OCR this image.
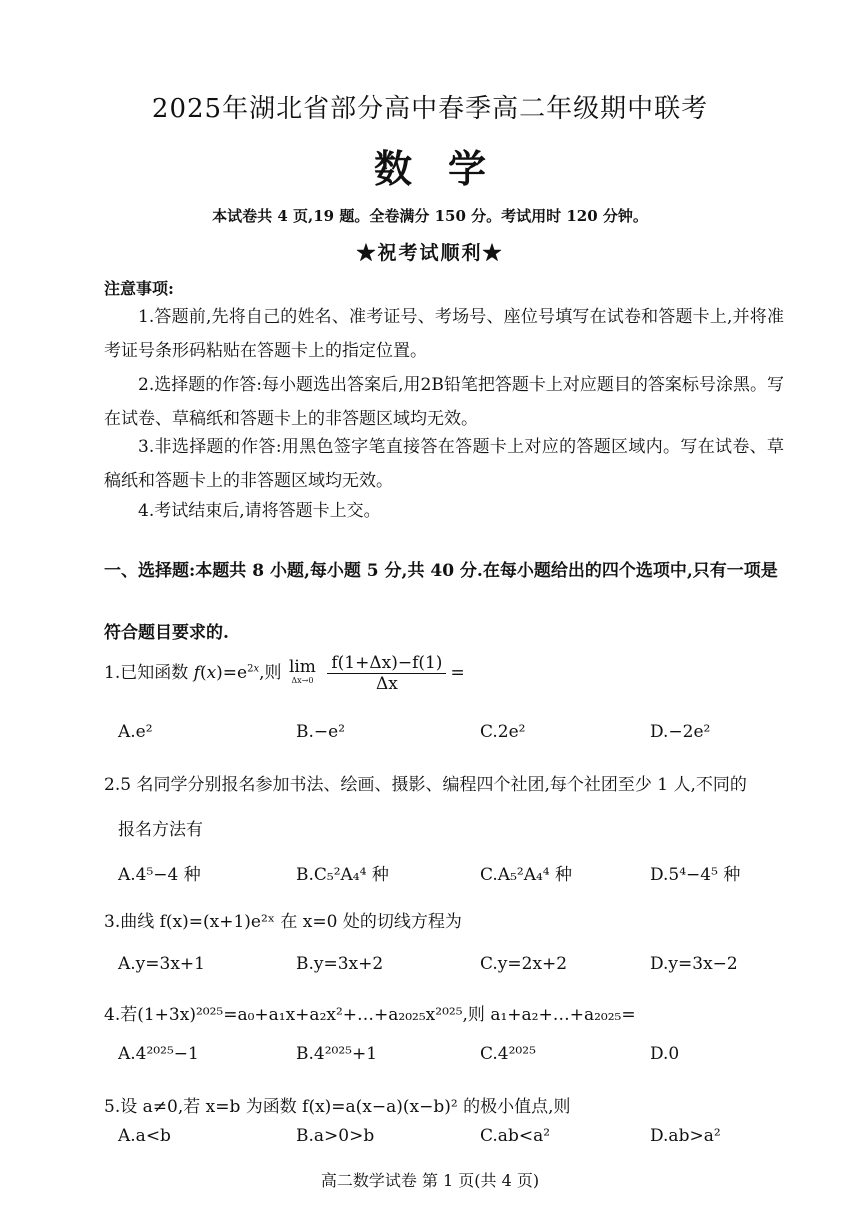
2025年湖北省部分高中春季高二年级期中联考
数学
本试卷共 4 页,19 题。全卷满分 150 分。考试用时 120 分钟。
★祝考试顺利★
注意事项:
1.答题前,先将自己的姓名、准考证号、考场号、座位号填写在试卷和答题卡上,并将准考证号条形码粘贴在答题卡上的指定位置。
2.选择题的作答:每小题选出答案后,用2B铅笔把答题卡上对应题目的答案标号涂黑。写在试卷、草稿纸和答题卡上的非答题区域均无效。
3.非选择题的作答:用黑色签字笔直接答在答题卡上对应的答题区域内。写在试卷、草稿纸和答题卡上的非答题区域均无效。
4.考试结束后,请将答题卡上交。
一、选择题:本题共 8 小题,每小题 5 分,共 40 分.在每小题给出的四个选项中,只有一项是符合题目要求的.
1.已知函数 $f(x)=e^{2x}$,则 lim
Δx→0
$\frac{f(1+\Delta x)-f(1)}{\Delta x}$ =
A.e²	B.−e²	C.2e²	D.−2e²
2.5 名同学分别报名参加书法、绘画、摄影、编程四个社团,每个社团至少 1 人,不同的
报名方法有
A.4⁵−4 种	B.C₅²A₄⁴ 种	C.A₅²A₄⁴ 种	D.5⁴−4⁵ 种
3.曲线 f(x)=(x+1)e²ˣ 在 x=0 处的切线方程为
A.y=3x+1	B.y=3x+2	C.y=2x+2	D.y=3x−2
4.若(1+3x)²⁰²⁵=a₀+a₁x+a₂x²+…+a₂₀₂₅x²⁰²⁵,则 a₁+a₂+…+a₂₀₂₅=
A.4²⁰²⁵−1	B.4²⁰²⁵+1	C.4²⁰²⁵	D.0
5.设 a≠0,若 x=b 为函数 f(x)=a(x−a)(x−b)² 的极小值点,则
A.a<b	B.a>0>b	C.ab<a²	D.ab>a²
高二数学试卷 第 1 页(共 4 页)
